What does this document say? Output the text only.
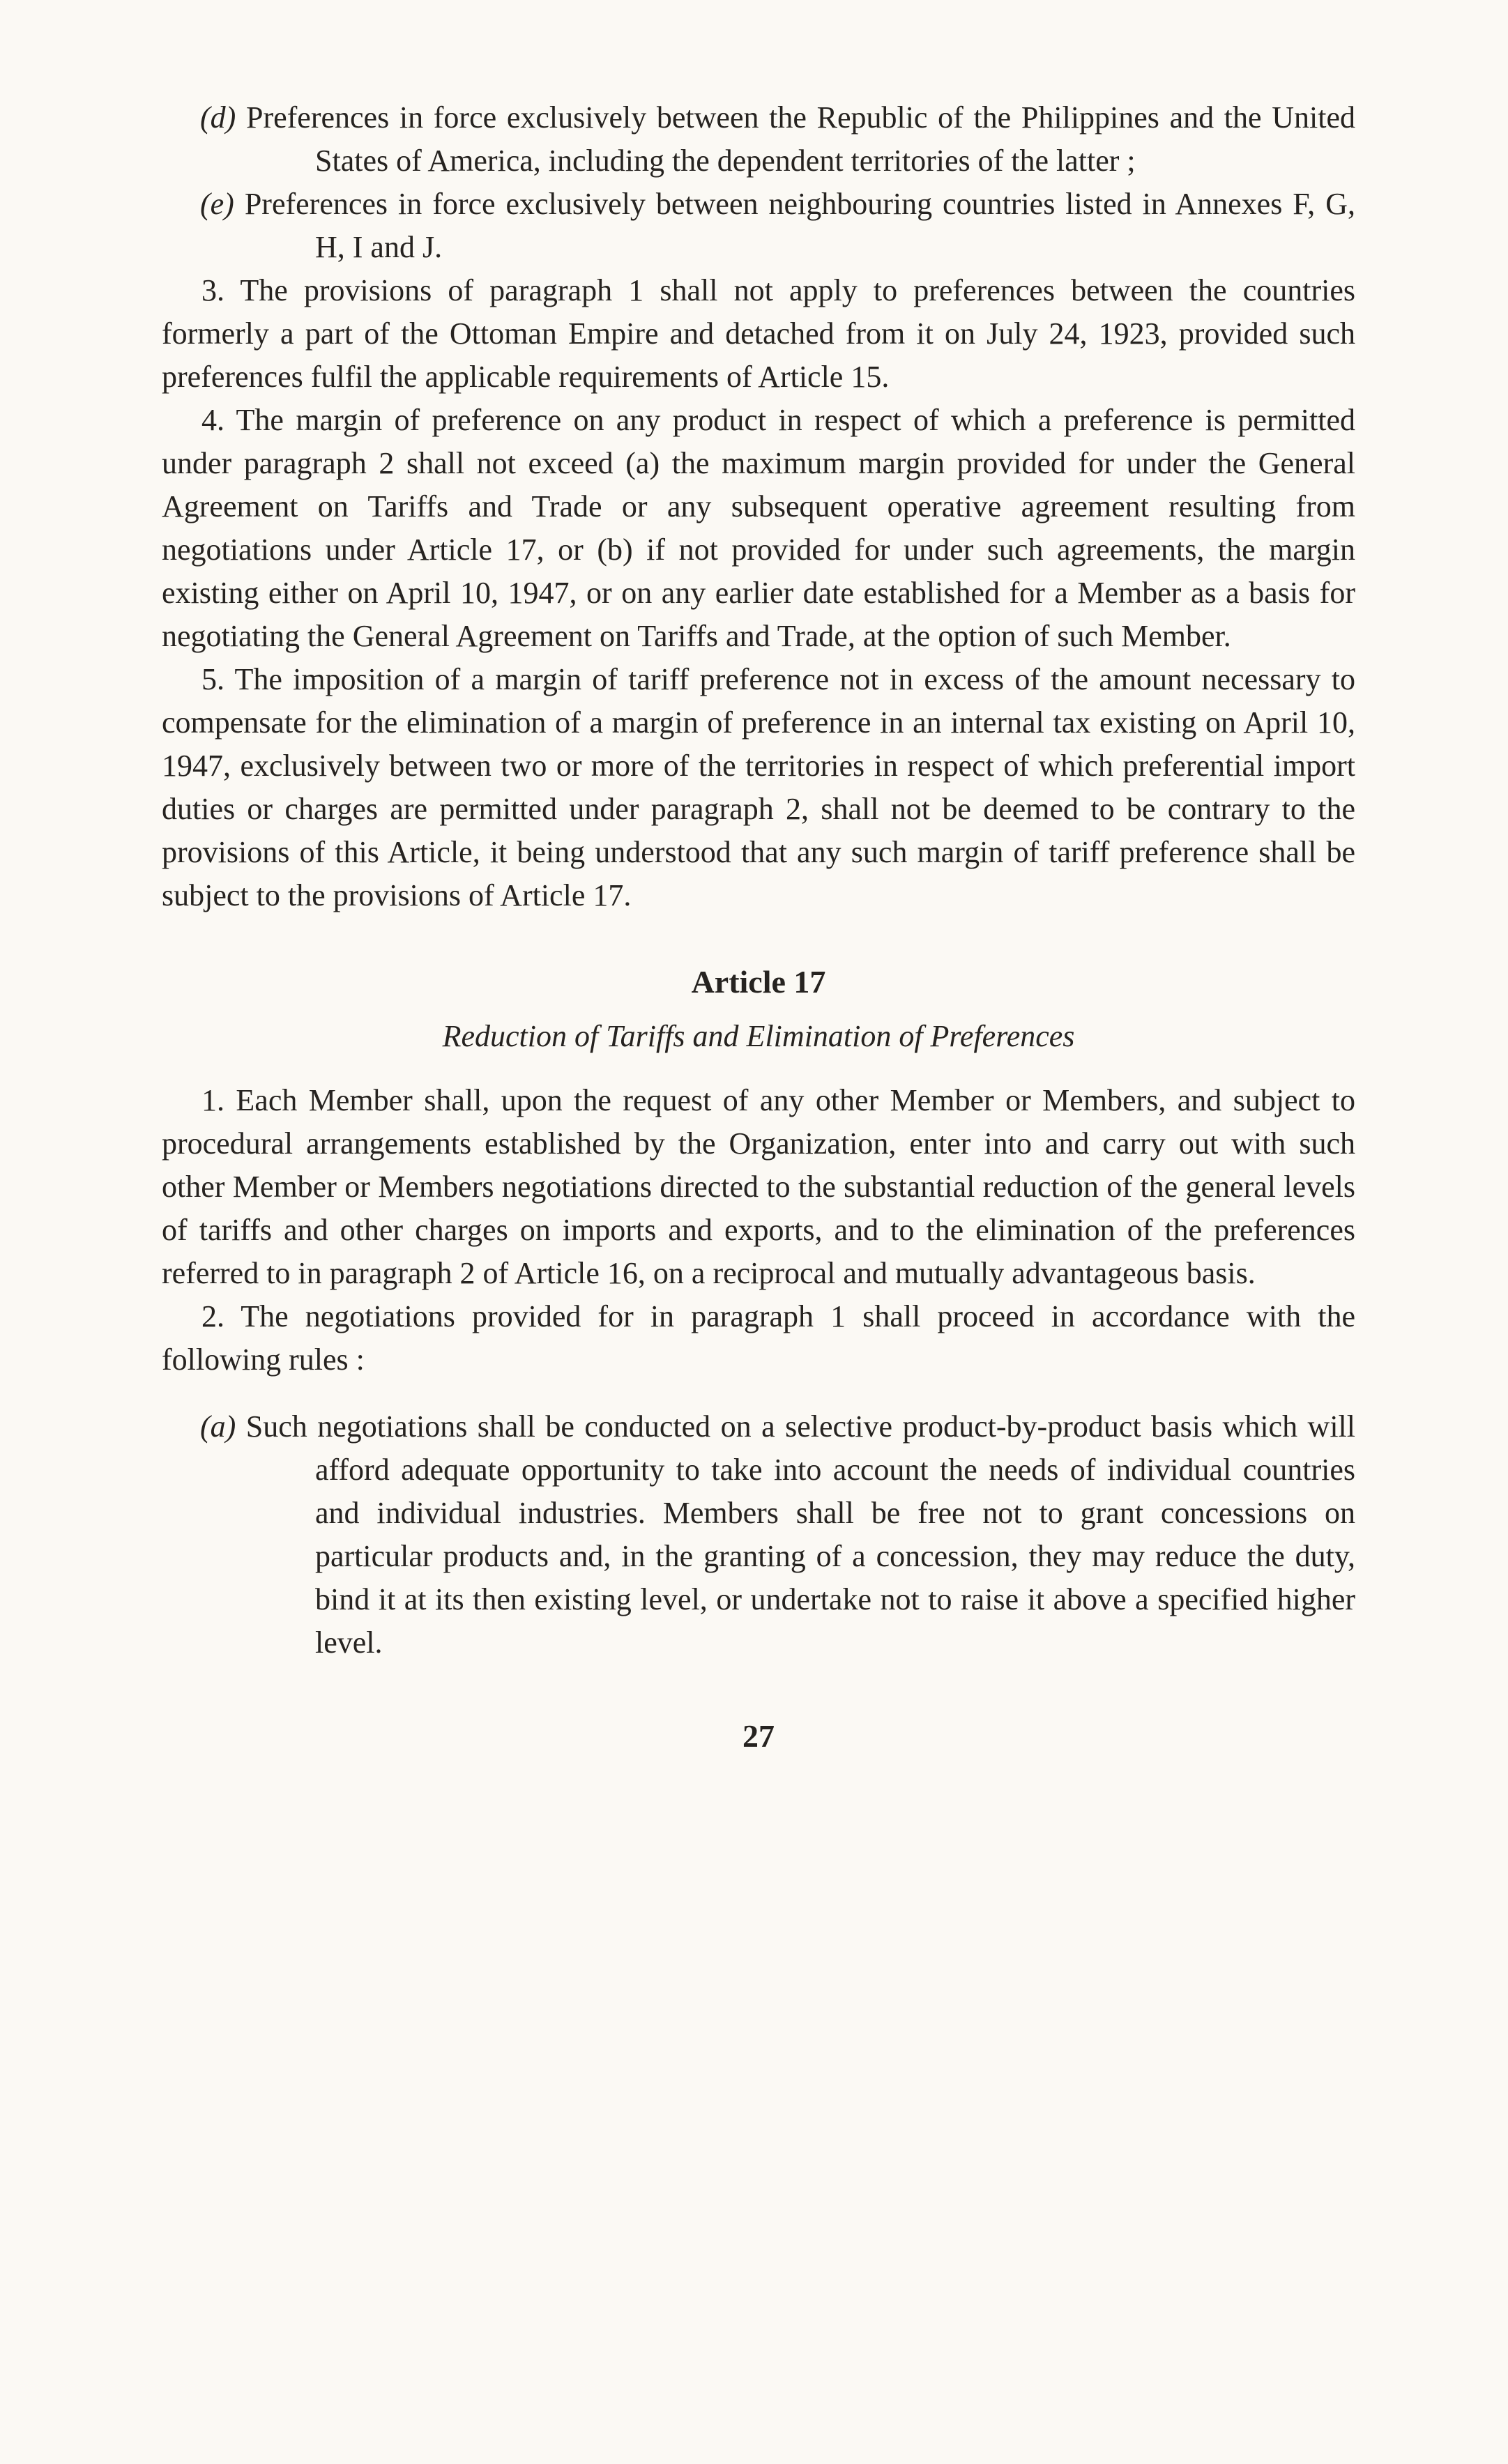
(d) Preferences in force exclusively between the Republic of the Philippines and the United States of America, including the dependent territories of the latter ;

(e) Preferences in force exclusively between neighbouring countries listed in Annexes F, G, H, I and J.

3. The provisions of paragraph 1 shall not apply to preferences between the countries formerly a part of the Ottoman Empire and detached from it on July 24, 1923, provided such preferences fulfil the applicable requirements of Article 15.

4. The margin of preference on any product in respect of which a preference is permitted under paragraph 2 shall not exceed (a) the maximum margin provided for under the General Agreement on Tariffs and Trade or any subsequent operative agreement resulting from negotiations under Article 17, or (b) if not provided for under such agreements, the margin existing either on April 10, 1947, or on any earlier date established for a Member as a basis for negotiating the General Agreement on Tariffs and Trade, at the option of such Member.

5. The imposition of a margin of tariff preference not in excess of the amount necessary to compensate for the elimination of a margin of preference in an internal tax existing on April 10, 1947, exclusively between two or more of the territories in respect of which preferential import duties or charges are permitted under paragraph 2, shall not be deemed to be contrary to the provisions of this Article, it being understood that any such margin of tariff preference shall be subject to the provisions of Article 17.

Article 17
Reduction of Tariffs and Elimination of Preferences

1. Each Member shall, upon the request of any other Member or Members, and subject to procedural arrangements established by the Organization, enter into and carry out with such other Member or Members negotiations directed to the substantial reduction of the general levels of tariffs and other charges on imports and exports, and to the elimination of the preferences referred to in paragraph 2 of Article 16, on a reciprocal and mutually advantageous basis.

2. The negotiations provided for in paragraph 1 shall proceed in accordance with the following rules :

(a) Such negotiations shall be conducted on a selective product-by-product basis which will afford adequate opportunity to take into account the needs of individual countries and individual industries. Members shall be free not to grant concessions on particular products and, in the granting of a concession, they may reduce the duty, bind it at its then existing level, or undertake not to raise it above a specified higher level.

27
